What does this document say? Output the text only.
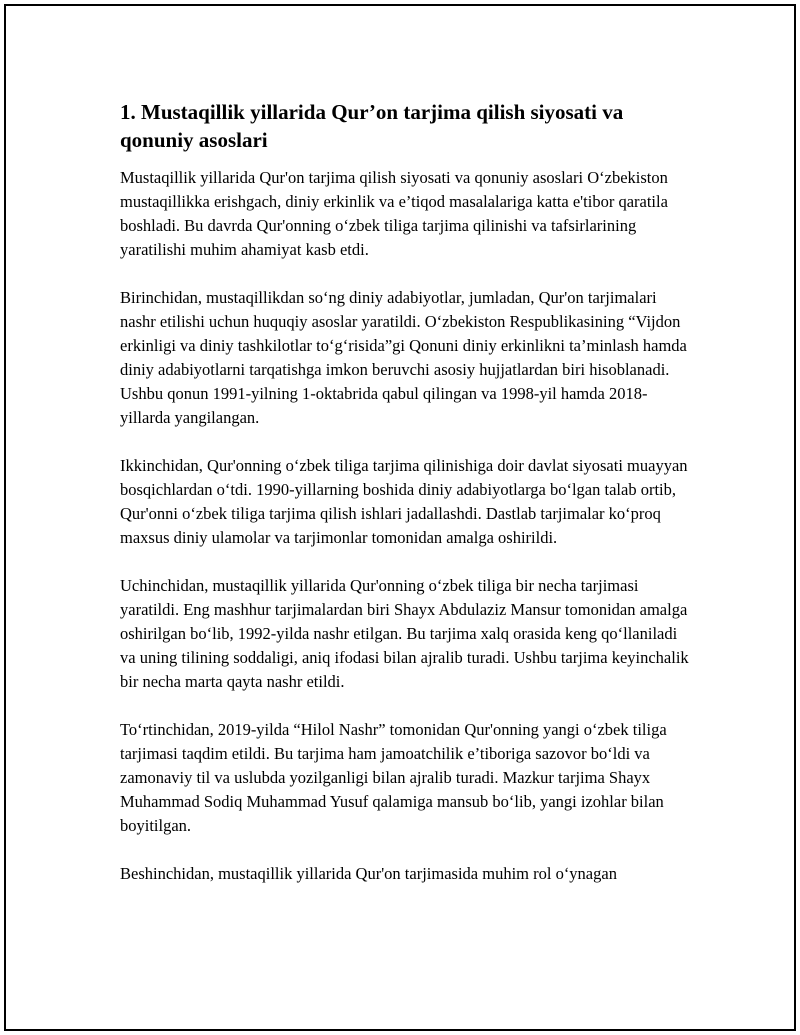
1. Mustaqillik yillarida Qur’on tarjima qilish siyosati va qonuniy asoslari

Mustaqillik yillarida Qur'on tarjima qilish siyosati va qonuniy asoslari O‘zbekiston mustaqillikka erishgach, diniy erkinlik va e’tiqod masalalariga katta e'tibor qaratila boshladi. Bu davrda Qur'onning o‘zbek tiliga tarjima qilinishi va tafsirlarining yaratilishi muhim ahamiyat kasb etdi.

Birinchidan, mustaqillikdan so‘ng diniy adabiyotlar, jumladan, Qur'on tarjimalari nashr etilishi uchun huquqiy asoslar yaratildi. O‘zbekiston Respublikasining “Vijdon erkinligi va diniy tashkilotlar to‘g‘risida”gi Qonuni diniy erkinlikni ta’minlash hamda diniy adabiyotlarni tarqatishga imkon beruvchi asosiy hujjatlardan biri hisoblanadi. Ushbu qonun 1991-yilning 1-oktabrida qabul qilingan va 1998-yil hamda 2018-yillarda yangilangan.

Ikkinchidan, Qur'onning o‘zbek tiliga tarjima qilinishiga doir davlat siyosati muayyan bosqichlardan o‘tdi. 1990-yillarning boshida diniy adabiyotlarga bo‘lgan talab ortib, Qur'onni o‘zbek tiliga tarjima qilish ishlari jadallashdi. Dastlab tarjimalar ko‘proq maxsus diniy ulamolar va tarjimonlar tomonidan amalga oshirildi.

Uchinchidan, mustaqillik yillarida Qur'onning o‘zbek tiliga bir necha tarjimasi yaratildi. Eng mashhur tarjimalardan biri Shayx Abdulaziz Mansur tomonidan amalga oshirilgan bo‘lib, 1992-yilda nashr etilgan. Bu tarjima xalq orasida keng qo‘llaniladi va uning tilining soddaligi, aniq ifodasi bilan ajralib turadi. Ushbu tarjima keyinchalik bir necha marta qayta nashr etildi.

To‘rtinchidan, 2019-yilda “Hilol Nashr” tomonidan Qur'onning yangi o‘zbek tiliga tarjimasi taqdim etildi. Bu tarjima ham jamoatchilik e’tiboriga sazovor bo‘ldi va zamonaviy til va uslubda yozilganligi bilan ajralib turadi. Mazkur tarjima Shayx Muhammad Sodiq Muhammad Yusuf qalamiga mansub bo‘lib, yangi izohlar bilan boyitilgan.

Beshinchidan, mustaqillik yillarida Qur'on tarjimasida muhim rol o‘ynagan
